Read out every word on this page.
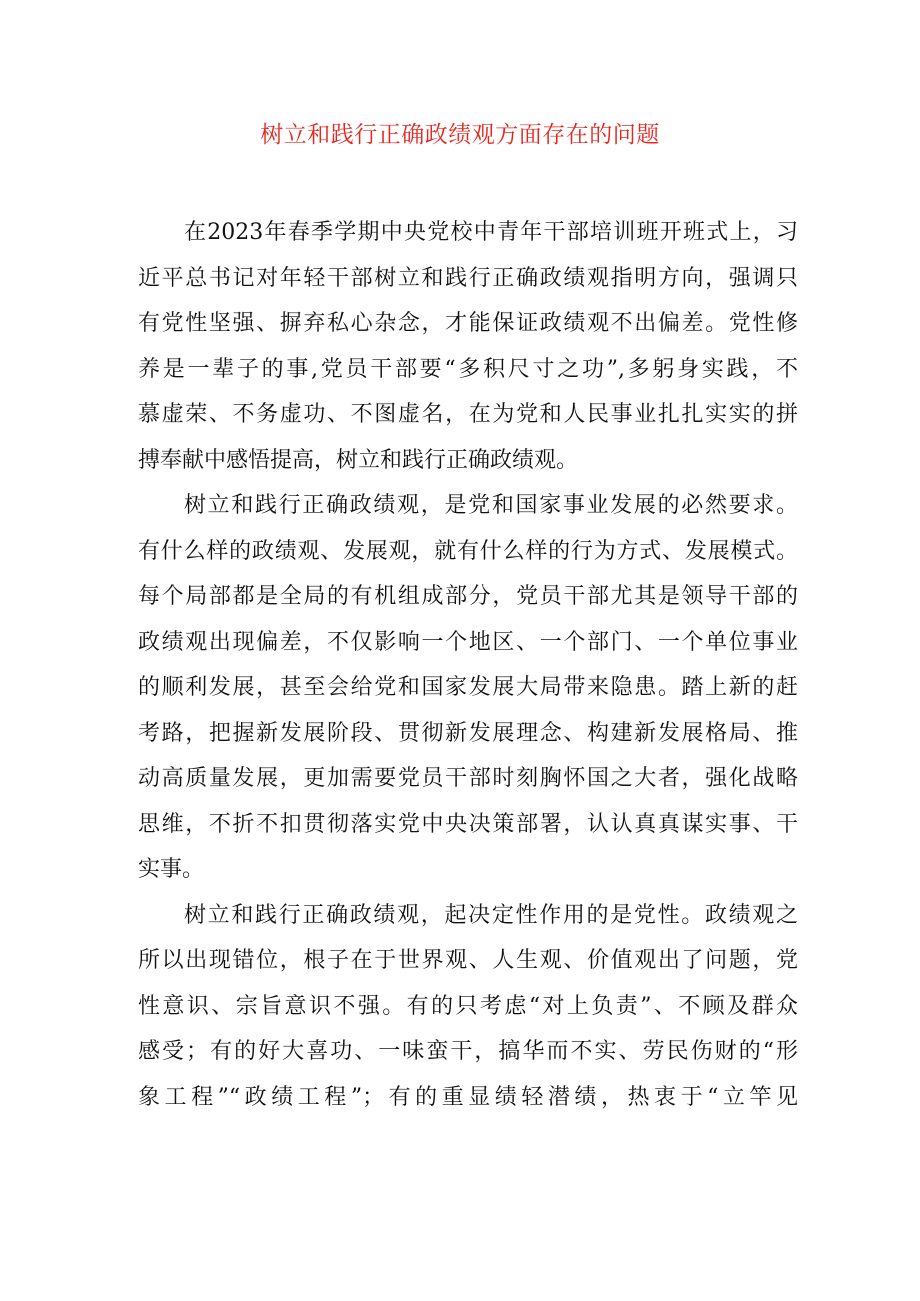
树立和践行正确政绩观方面存在的问题
在2023年春季学期中央党校中青年干部培训班开班式上，习
近平总书记对年轻干部树立和践行正确政绩观指明方向，强调只
有党性坚强、摒弃私心杂念，才能保证政绩观不出偏差。党性修
养是一辈子的事,党员干部要“多积尺寸之功”,多躬身实践，不
慕虚荣、不务虚功、不图虚名，在为党和人民事业扎扎实实的拼
搏奉献中感悟提高，树立和践行正确政绩观。
树立和践行正确政绩观，是党和国家事业发展的必然要求。
有什么样的政绩观、发展观，就有什么样的行为方式、发展模式。
每个局部都是全局的有机组成部分，党员干部尤其是领导干部的
政绩观出现偏差，不仅影响一个地区、一个部门、一个单位事业
的顺利发展，甚至会给党和国家发展大局带来隐患。踏上新的赶
考路，把握新发展阶段、贯彻新发展理念、构建新发展格局、推
动高质量发展，更加需要党员干部时刻胸怀国之大者，强化战略
思维，不折不扣贯彻落实党中央决策部署，认认真真谋实事、干
实事。
树立和践行正确政绩观，起决定性作用的是党性。政绩观之
所以出现错位，根子在于世界观、人生观、价值观出了问题，党
性意识、宗旨意识不强。有的只考虑“对上负责”、不顾及群众
感受；有的好大喜功、一味蛮干，搞华而不实、劳民伤财的“形
象工程”“政绩工程”；有的重显绩轻潜绩，热衷于“立竿见
